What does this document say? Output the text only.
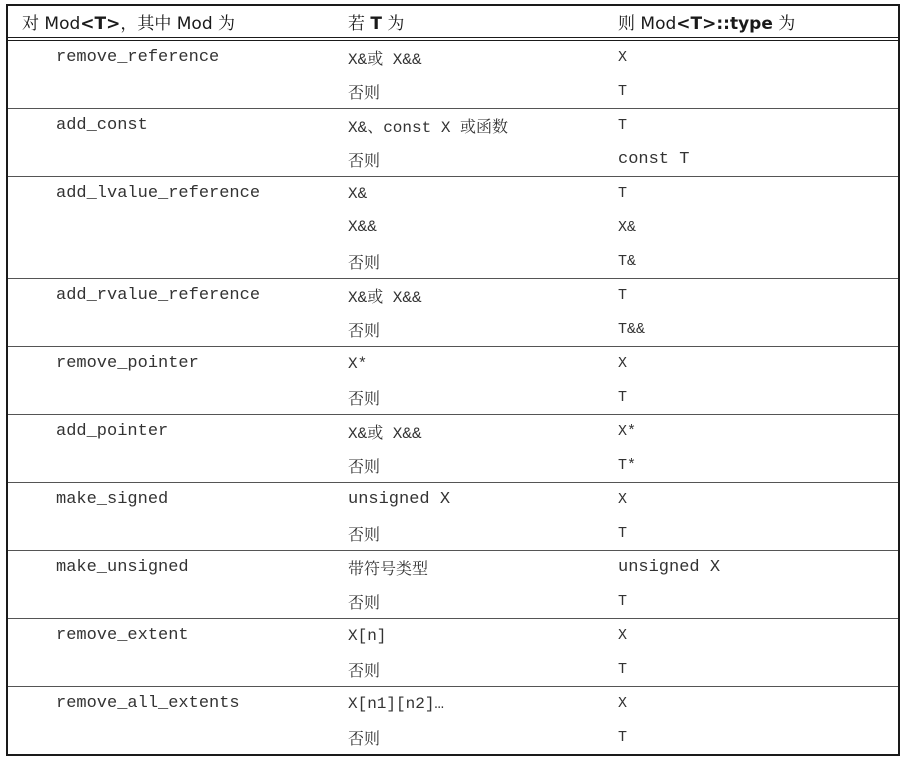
对 Mod<T>，其中 Mod 为	若 T 为	则 Mod<T>::type 为
remove_reference	X&或 X&&	X
	否则	T
add_const	X&、const X 或函数	T
	否则	const T
add_lvalue_reference	X&	T
	X&&	X&
	否则	T&
add_rvalue_reference	X&或 X&&	T
	否则	T&&
remove_pointer	X*	X
	否则	T
add_pointer	X&或 X&&	X*
	否则	T*
make_signed	unsigned X	X
	否则	T
make_unsigned	带符号类型	unsigned X
	否则	T
remove_extent	X[n]	X
	否则	T
remove_all_extents	X[n1][n2]…	X
	否则	T
